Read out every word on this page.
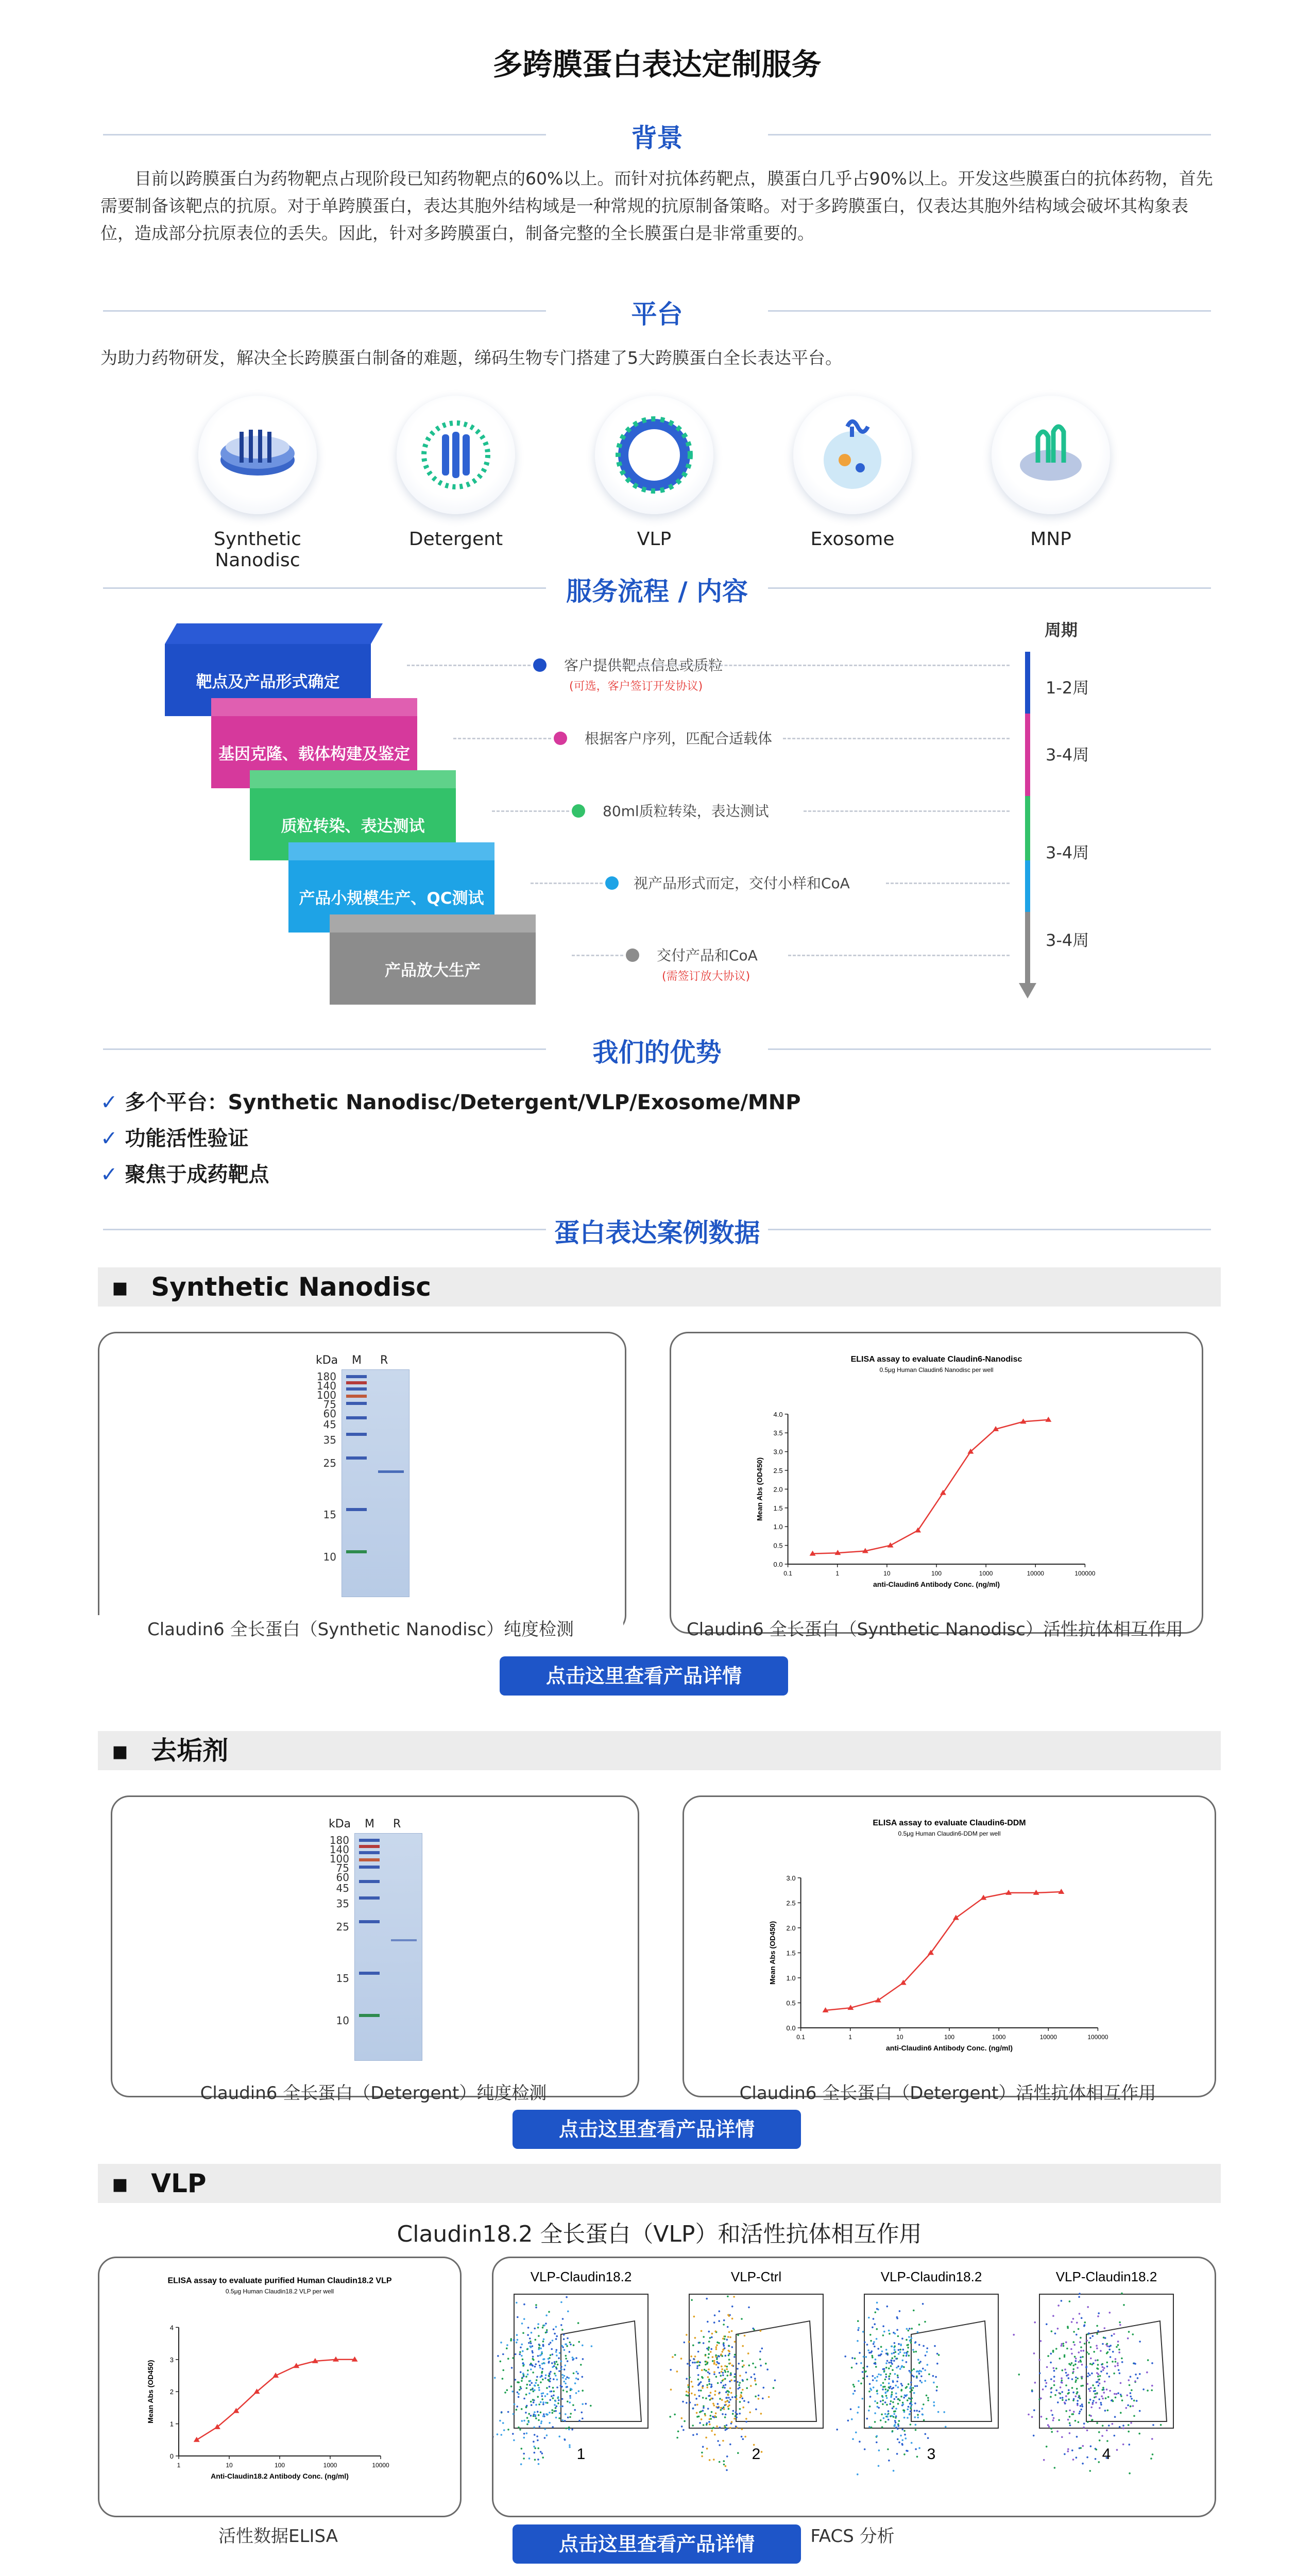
多跨膜蛋白表达定制服务
背景
目前以跨膜蛋白为药物靶点占现阶段已知药物靶点的60%以上。而针对抗体药靶点，膜蛋白几乎占90%以上。开发这些膜蛋白的抗体药物，首先需要制备该靶点的抗原。对于单跨膜蛋白，表达其胞外结构域是一种常规的抗原制备策略。对于多跨膜蛋白，仅表达其胞外结构域会破坏其构象表位，造成部分抗原表位的丢失。因此，针对多跨膜蛋白，制备完整的全长膜蛋白是非常重要的。
平台
为助力药物研发，解决全长跨膜蛋白制备的难题，绨码生物专门搭建了5大跨膜蛋白全长表达平台。
Synthetic Nanodisc
Detergent	VLP	Exosome	MNP
服务流程 / 内容
周期
靶点及产品形式确定
基因克隆、载体构建及鉴定
质粒转染、表达测试
产品小规模生产、QC测试
产品放大生产
客户提供靶点信息或质粒
(可选，客户签订开发协议)
根据客户序列，匹配合适载体
80ml质粒转染，表达测试
视产品形式而定，交付小样和CoA
交付产品和CoA
(需签订放大协议)
1-2周
3-4周
3-4周
3-4周
我们的优势
✓ 多个平台：Synthetic Nanodisc/Detergent/VLP/Exosome/MNP
✓ 功能活性验证
✓ 聚焦于成药靶点
蛋白表达案例数据
▪ Synthetic Nanodisc
kDa M R
180
140
100
75
60
45
35
25
15
10
Claudin6 全长蛋白（Synthetic Nanodisc）纯度检测
ELISA assay to evaluate Claudin6-Nanodisc
0.5μg Human Claudin6 Nanodisc per well
0.0
0.5
1.0
1.5
2.0
2.5
3.0
3.5
4.0
0.1	1	10	100	1000	10000	100000
anti-Claudin6 Antibody Conc. (ng/ml)
Mean Abs (OD450)
Claudin6 全长蛋白（Synthetic Nanodisc）活性抗体相互作用
点击这里查看产品详情
▪ 去垢剂
kDa M R
180
140
100
75
60
45
35
25
15
10
Claudin6 全长蛋白（Detergent）纯度检测
ELISA assay to evaluate Claudin6-DDM
0.5μg Human Claudin6-DDM per well
0.0
0.5
1.0
1.5
2.0
2.5
3.0
0.1	1	10	100	1000	10000	100000
anti-Claudin6 Antibody Conc. (ng/ml)
Mean Abs (OD450)
Claudin6 全长蛋白（Detergent）活性抗体相互作用
点击这里查看产品详情
▪ VLP
Claudin18.2 全长蛋白（VLP）和活性抗体相互作用
ELISA assay to evaluate purified Human Claudin18.2 VLP
0.5μg Human Claudin18.2 VLP per well
0
1
2
3
4
1	10	100	1000	10000
Anti-Claudin18.2 Antibody Conc. (ng/ml)
Mean Abs (OD450)
活性数据ELISA
VLP-Claudin18.2
1
VLP-Ctrl
2
VLP-Claudin18.2
3
VLP-Claudin18.2
4
FACS 分析
点击这里查看产品详情
